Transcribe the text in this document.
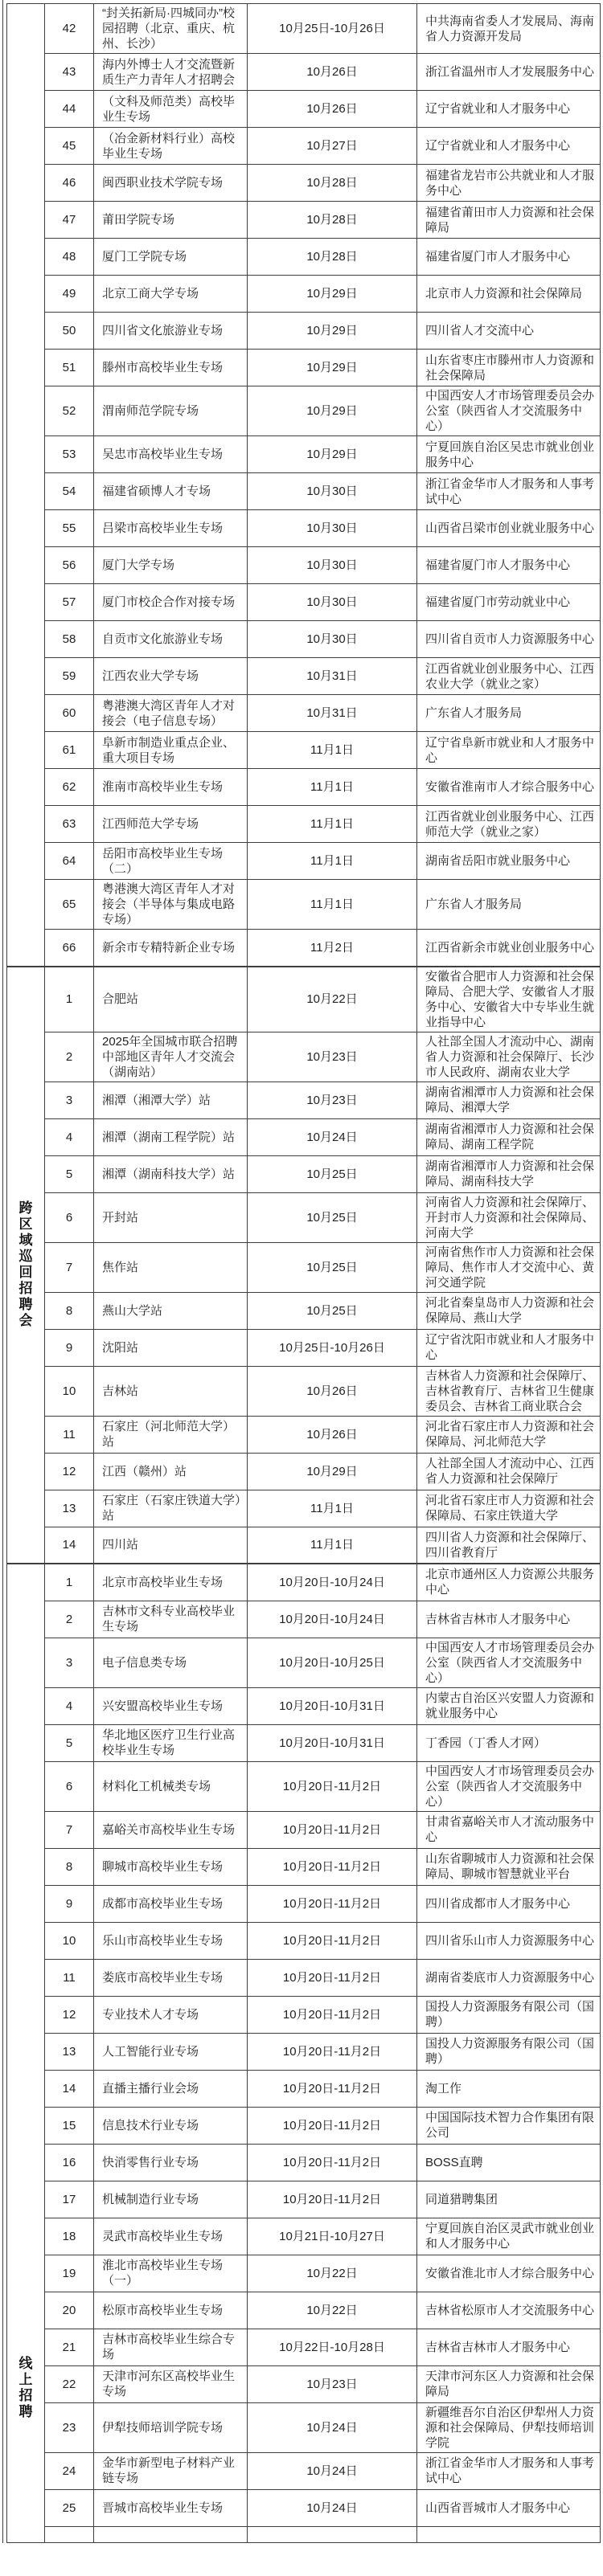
	42	“封关拓新局·四城同办”校园招聘（北京、重庆、杭州、长沙）	10月25日-10月26日	中共海南省委人才发展局、海南省人力资源开发局
	43	海内外博士人才交流暨新质生产力青年人才招聘会	10月26日	浙江省温州市人才发展服务中心
	44	（文科及师范类）高校毕业生专场	10月26日	辽宁省就业和人才服务中心
	45	（冶金新材料行业）高校毕业生专场	10月27日	辽宁省就业和人才服务中心
	46	闽西职业技术学院专场	10月28日	福建省龙岩市公共就业和人才服务中心
	47	莆田学院专场	10月28日	福建省莆田市人力资源和社会保障局
	48	厦门工学院专场	10月28日	福建省厦门市人才服务中心
	49	北京工商大学专场	10月29日	北京市人力资源和社会保障局
	50	四川省文化旅游业专场	10月29日	四川省人才交流中心
	51	滕州市高校毕业生专场	10月29日	山东省枣庄市滕州市人力资源和社会保障局
	52	渭南师范学院专场	10月29日	中国西安人才市场管理委员会办公室（陕西省人才交流服务中心）
	53	吴忠市高校毕业生专场	10月29日	宁夏回族自治区吴忠市就业创业服务中心
	54	福建省硕博人才专场	10月30日	浙江省金华市人才服务和人事考试中心
	55	吕梁市高校毕业生专场	10月30日	山西省吕梁市创业就业服务中心
	56	厦门大学专场	10月30日	福建省厦门市人才服务中心
	57	厦门市校企合作对接专场	10月30日	福建省厦门市劳动就业中心
	58	自贡市文化旅游业专场	10月30日	四川省自贡市人力资源服务中心
	59	江西农业大学专场	10月31日	江西省就业创业服务中心、江西农业大学（就业之家）
	60	粤港澳大湾区青年人才对接会（电子信息专场）	10月31日	广东省人才服务局
	61	阜新市制造业重点企业、重大项目专场	11月1日	辽宁省阜新市就业和人才服务中心
	62	淮南市高校毕业生专场	11月1日	安徽省淮南市人才综合服务中心
	63	江西师范大学专场	11月1日	江西省就业创业服务中心、江西师范大学（就业之家）
	64	岳阳市高校毕业生专场（二）	11月1日	湖南省岳阳市就业服务中心
	65	粤港澳大湾区青年人才对接会（半导体与集成电路专场）	11月1日	广东省人才服务局
	66	新余市专精特新企业专场	11月2日	江西省新余市就业创业服务中心

跨
区
域
巡
回
招
聘
会
	1	合肥站	10月22日	安徽省合肥市人力资源和社会保障局、合肥大学、安徽省人才服务中心、安徽省大中专毕业生就业指导中心
	2	2025年全国城市联合招聘中部地区青年人才交流会（湖南站）	10月23日	人社部全国人才流动中心、湖南省人力资源和社会保障厅、长沙市人民政府、湖南农业大学
	3	湘潭（湘潭大学）站	10月23日	湖南省湘潭市人力资源和社会保障局、湘潭大学
	4	湘潭（湖南工程学院）站	10月24日	湖南省湘潭市人力资源和社会保障局、湖南工程学院
	5	湘潭（湖南科技大学）站	10月25日	湖南省湘潭市人力资源和社会保障局、湖南科技大学
	6	开封站	10月25日	河南省人力资源和社会保障厅、开封市人力资源和社会保障局、河南大学
	7	焦作站	10月25日	河南省焦作市人力资源和社会保障局、焦作市人才交流中心、黄河交通学院
	8	燕山大学站	10月25日	河北省秦皇岛市人力资源和社会保障局、燕山大学
	9	沈阳站	10月25日-10月26日	辽宁省沈阳市就业和人才服务中心
	10	吉林站	10月26日	吉林省人力资源和社会保障厅、吉林省教育厅、吉林省卫生健康委员会、吉林省工商业联合会
	11	石家庄（河北师范大学）站	10月26日	河北省石家庄市人力资源和社会保障局、河北师范大学
	12	江西（赣州）站	10月29日	人社部全国人才流动中心、江西省人力资源和社会保障厅
	13	石家庄（石家庄铁道大学）站	11月1日	河北省石家庄市人力资源和社会保障局、石家庄铁道大学
	14	四川站	11月1日	四川省人力资源和社会保障厅、四川省教育厅

线
上
招
聘	1	北京市高校毕业生专场	10月20日-10月24日	北京市通州区人力资源公共服务中心
	2	吉林市文科专业高校毕业生专场	10月20日-10月24日	吉林省吉林市人才服务中心
	3	电子信息类专场	10月20日-10月25日	中国西安人才市场管理委员会办公室（陕西省人才交流服务中心）
	4	兴安盟高校毕业生专场	10月20日-10月31日	内蒙古自治区兴安盟人力资源和就业服务中心
	5	华北地区医疗卫生行业高校毕业生专场	10月20日-10月31日	丁香园（丁香人才网）
	6	材料化工机械类专场	10月20日-11月2日	中国西安人才市场管理委员会办公室（陕西省人才交流服务中心）
	7	嘉峪关市高校毕业生专场	10月20日-11月2日	甘肃省嘉峪关市人才流动服务中心
	8	聊城市高校毕业生专场	10月20日-11月2日	山东省聊城市人力资源和社会保障局、聊城市智慧就业平台
	9	成都市高校毕业生专场	10月20日-11月2日	四川省成都市人才服务中心
	10	乐山市高校毕业生专场	10月20日-11月2日	四川省乐山市人力资源服务中心
	11	娄底市高校毕业生专场	10月20日-11月2日	湖南省娄底市人力资源服务中心
	12	专业技术人才专场	10月20日-11月2日	国投人力资源服务有限公司（国聘）
	13	人工智能行业专场	10月20日-11月2日	国投人力资源服务有限公司（国聘）
	14	直播主播行业会场	10月20日-11月2日	淘工作
	15	信息技术行业专场	10月20日-11月2日	中国国际技术智力合作集团有限公司
	16	快消零售行业专场	10月20日-11月2日	BOSS直聘
	17	机械制造行业专场	10月20日-11月2日	同道猎聘集团
	18	灵武市高校毕业生专场	10月21日-10月27日	宁夏回族自治区灵武市就业创业和人才服务中心
	19	淮北市高校毕业生专场（一）	10月22日	安徽省淮北市人才综合服务中心
	20	松原市高校毕业生专场	10月22日	吉林省松原市人才交流服务中心
	21	吉林市高校毕业生综合专场	10月22日-10月28日	吉林省吉林市人才服务中心
	22	天津市河东区高校毕业生专场	10月23日	天津市河东区人力资源和社会保障局
	23	伊犁技师培训学院专场	10月24日	新疆维吾尔自治区伊犁州人力资源和社会保障局、伊犁技师培训学院
	24	金华市新型电子材料产业链专场	10月24日	浙江省金华市人才服务和人事考试中心
	25	晋城市高校毕业生专场	10月24日	山西省晋城市人才服务中心
